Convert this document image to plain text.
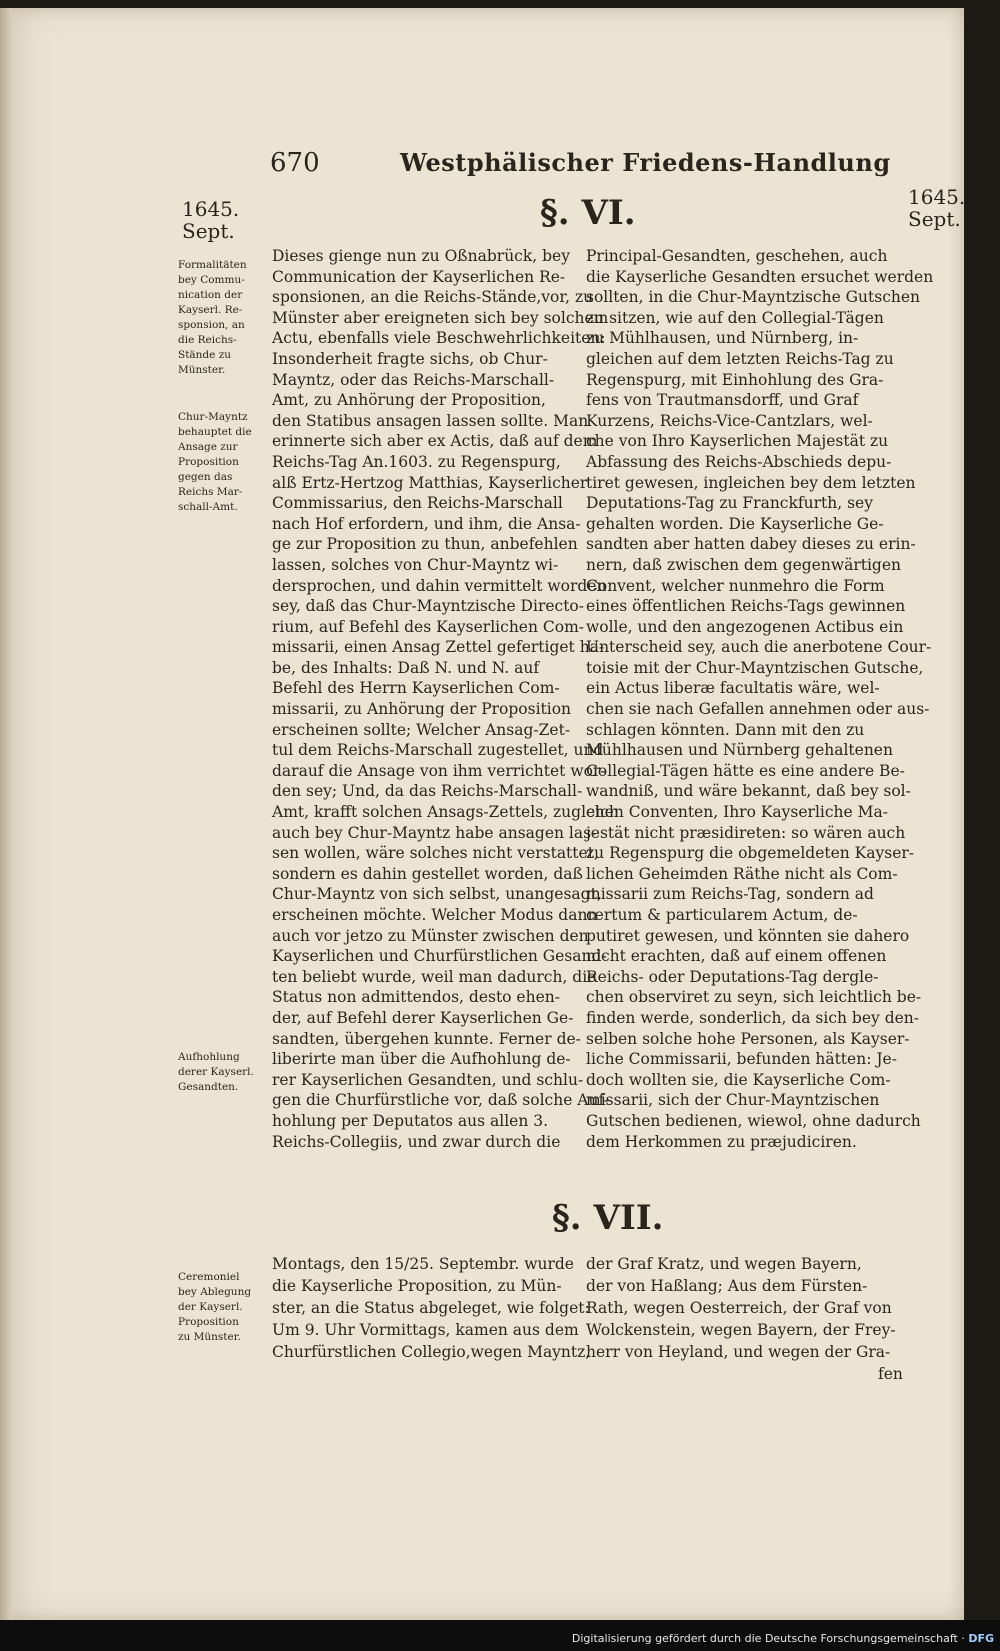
670	Westphälischer Friedens-Handlung
1645.
Sept.
1645.
Sept.
§. VI.
Formalitäten
bey Commu-
nication der
Kayserl. Re-
sponsion, an
die Reichs-
Stände zu
Münster.
Chur-Mayntz
behauptet die
Ansage zur
Proposition
gegen das
Reichs Mar-
schall-Amt.
Aufhohlung
derer Kayserl.
Gesandten.
Dieses gienge nun zu Oßnabrück, bey
Communication der Kayserlichen Re-
sponsionen, an die Reichs-Stände,vor, zu
Münster aber ereigneten sich bey solchem
Actu, ebenfalls viele Beschwehrlichkeiten:
Insonderheit fragte sichs, ob Chur-
Mayntz, oder das Reichs-Marschall-
Amt, zu Anhörung der Proposition,
den Statibus ansagen lassen sollte. Man
erinnerte sich aber ex Actis, daß auf dem
Reichs-Tag An.1603. zu Regenspurg,
alß Ertz-Hertzog Matthias, Kayserlicher
Commissarius, den Reichs-Marschall
nach Hof erfordern, und ihm, die Ansa-
ge zur Proposition zu thun, anbefehlen
lassen, solches von Chur-Mayntz wi-
dersprochen, und dahin vermittelt worden
sey, daß das Chur-Mayntzische Directo-
rium, auf Befehl des Kayserlichen Com-
missarii, einen Ansag Zettel gefertiget ha-
be, des Inhalts: Daß N. und N. auf
Befehl des Herrn Kayserlichen Com-
missarii, zu Anhörung der Proposition
erscheinen sollte; Welcher Ansag-Zet-
tul dem Reichs-Marschall zugestellet, und
darauf die Ansage von ihm verrichtet wor-
den sey; Und, da das Reichs-Marschall-
Amt, krafft solchen Ansags-Zettels, zugleich
auch bey Chur-Mayntz habe ansagen las-
sen wollen, wäre solches nicht verstattet,
sondern es dahin gestellet worden, daß
Chur-Mayntz von sich selbst, unangesagt,
erscheinen möchte. Welcher Modus dann
auch vor jetzo zu Münster zwischen den
Kayserlichen und Churfürstlichen Gesand-
ten beliebt wurde, weil man dadurch, die
Status non admittendos, desto ehen-
der, auf Befehl derer Kayserlichen Ge-
sandten, übergehen kunnte. Ferner de-
liberirte man über die Aufhohlung de-
rer Kayserlichen Gesandten, und schlu-
gen die Churfürstliche vor, daß solche Auf-
hohlung per Deputatos aus allen 3.
Reichs-Collegiis, und zwar durch die
Principal-Gesandten, geschehen, auch
die Kayserliche Gesandten ersuchet werden
sollten, in die Chur-Mayntzische Gutschen
zu sitzen, wie auf den Collegial-Tägen
zu Mühlhausen, und Nürnberg, in-
gleichen auf dem letzten Reichs-Tag zu
Regenspurg, mit Einhohlung des Gra-
fens von Trautmansdorff, und Graf
Kurzens, Reichs-Vice-Cantzlars, wel-
che von Ihro Kayserlichen Majestät zu
Abfassung des Reichs-Abschieds depu-
tiret gewesen, ingleichen bey dem letzten
Deputations-Tag zu Franckfurth, sey
gehalten worden. Die Kayserliche Ge-
sandten aber hatten dabey dieses zu erin-
nern, daß zwischen dem gegenwärtigen
Convent, welcher nunmehro die Form
eines öffentlichen Reichs-Tags gewinnen
wolle, und den angezogenen Actibus ein
Unterscheid sey, auch die anerbotene Cour-
toisie mit der Chur-Mayntzischen Gutsche,
ein Actus liberæ facultatis wäre, wel-
chen sie nach Gefallen annehmen oder aus-
schlagen könnten. Dann mit den zu
Mühlhausen und Nürnberg gehaltenen
Collegial-Tägen hätte es eine andere Be-
wandniß, und wäre bekannt, daß bey sol-
chen Conventen, Ihro Kayserliche Ma-
jestät nicht præsidireten: so wären auch
zu Regenspurg die obgemeldeten Kayser-
lichen Geheimden Räthe nicht als Com-
missarii zum Reichs-Tag, sondern ad
certum & particularem Actum, de-
putiret gewesen, und könnten sie dahero
nicht erachten, daß auf einem offenen
Reichs- oder Deputations-Tag dergle-
chen observiret zu seyn, sich leichtlich be-
finden werde, sonderlich, da sich bey den-
selben solche hohe Personen, als Kayser-
liche Commissarii, befunden hätten: Je-
doch wollten sie, die Kayserliche Com-
missarii, sich der Chur-Mayntzischen
Gutschen bedienen, wiewol, ohne dadurch
dem Herkommen zu præjudiciren.
§. VII.
Ceremoniel
bey Ablegung
der Kayserl.
Proposition
zu Münster.
Montags, den 15/25. Septembr. wurde
die Kayserliche Proposition, zu Mün-
ster, an die Status abgeleget, wie folget:
Um 9. Uhr Vormittags, kamen aus dem
Churfürstlichen Collegio,wegen Mayntz,
der Graf Kratz, und wegen Bayern,
der von Haßlang; Aus dem Fürsten-
Rath, wegen Oesterreich, der Graf von
Wolckenstein, wegen Bayern, der Frey-
herr von Heyland, und wegen der Gra-
fen
Digitalisierung gefördert durch die Deutsche Forschungsgemeinschaft · DFG
